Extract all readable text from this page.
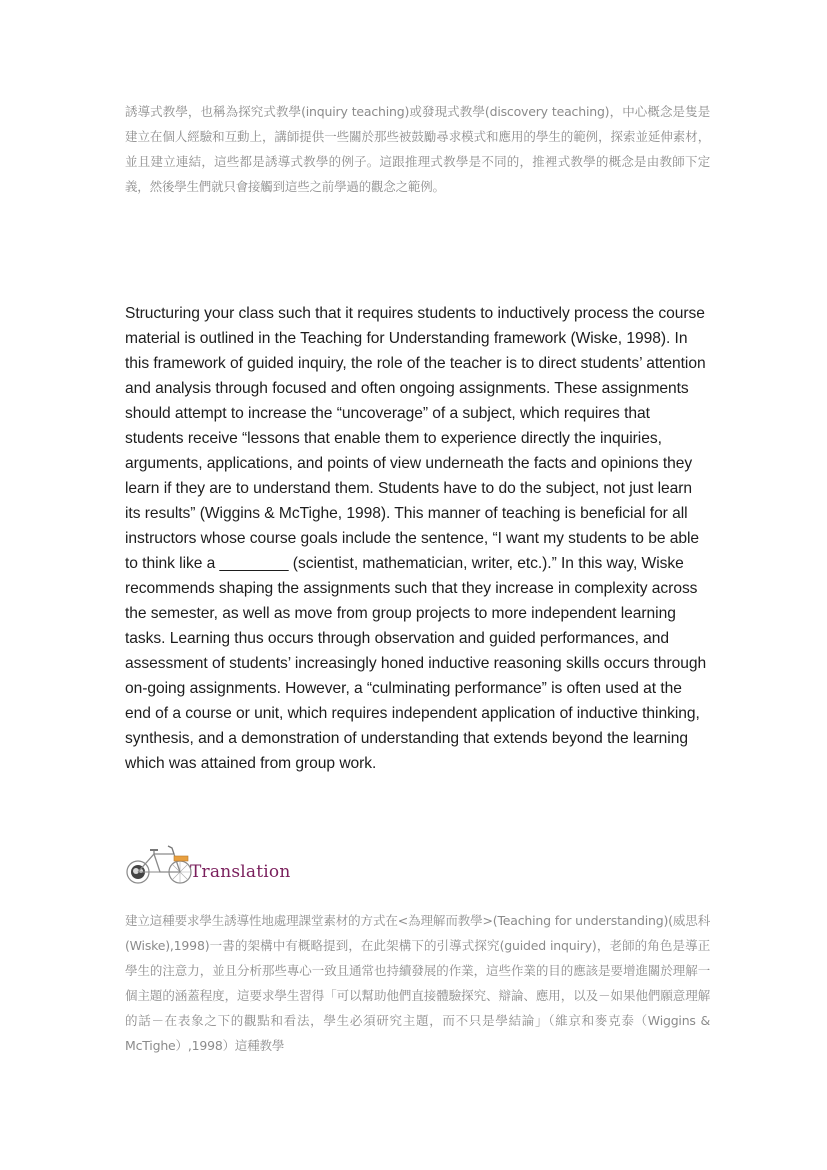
誘導式教學，也稱為探究式教學(inquiry teaching)或發現式教學(discovery teaching)，中心概念是隻是建立在個人經驗和互動上，講師提供一些關於那些被鼓勵尋求模式和應用的學生的範例，探索並延伸素材，並且建立連結，這些都是誘導式教學的例子。這跟推理式教學是不同的，推裡式教學的概念是由教師下定義，然後學生們就只會接觸到這些之前學過的觀念之範例。

Structuring your class such that it requires students to inductively process the course material is outlined in the Teaching for Understanding framework (Wiske, 1998). In this framework of guided inquiry, the role of the teacher is to direct students’ attention and analysis through focused and often ongoing assignments. These assignments should attempt to increase the “uncoverage” of a subject, which requires that students receive “lessons that enable them to experience directly the inquiries, arguments, applications, and points of view underneath the facts and opinions they learn if they are to understand them. Students have to do the subject, not just learn its results” (Wiggins & McTighe, 1998). This manner of teaching is beneficial for all instructors whose course goals include the sentence, “I want my students to be able to think like a ________ (scientist, mathematician, writer, etc.).” In this way, Wiske recommends shaping the assignments such that they increase in complexity across the semester, as well as move from group projects to more independent learning tasks. Learning thus occurs through observation and guided performances, and assessment of students’ increasingly honed inductive reasoning skills occurs through on-going assignments. However, a “culminating performance” is often used at the end of a course or unit, which requires independent application of inductive thinking, synthesis, and a demonstration of understanding that extends beyond the learning which was attained from group work.

Translation

建立這種要求學生誘導性地處理課堂素材的方式在<為理解而教學>(Teaching for understanding)(威思科(Wiske),1998)一書的架構中有概略提到，在此架構下的引導式探究(guided inquiry)，老師的角色是導正學生的注意力，並且分析那些專心一致且通常也持續發展的作業，這些作業的目的應該是要增進關於理解一個主題的涵蓋程度，這要求學生習得「可以幫助他們直接體驗探究、辯論、應用，以及－如果他們願意理解的話－在表象之下的觀點和看法，學生必須研究主題，而不只是學結論」（維京和麥克泰（Wiggins & McTighe）,1998）這種教學
